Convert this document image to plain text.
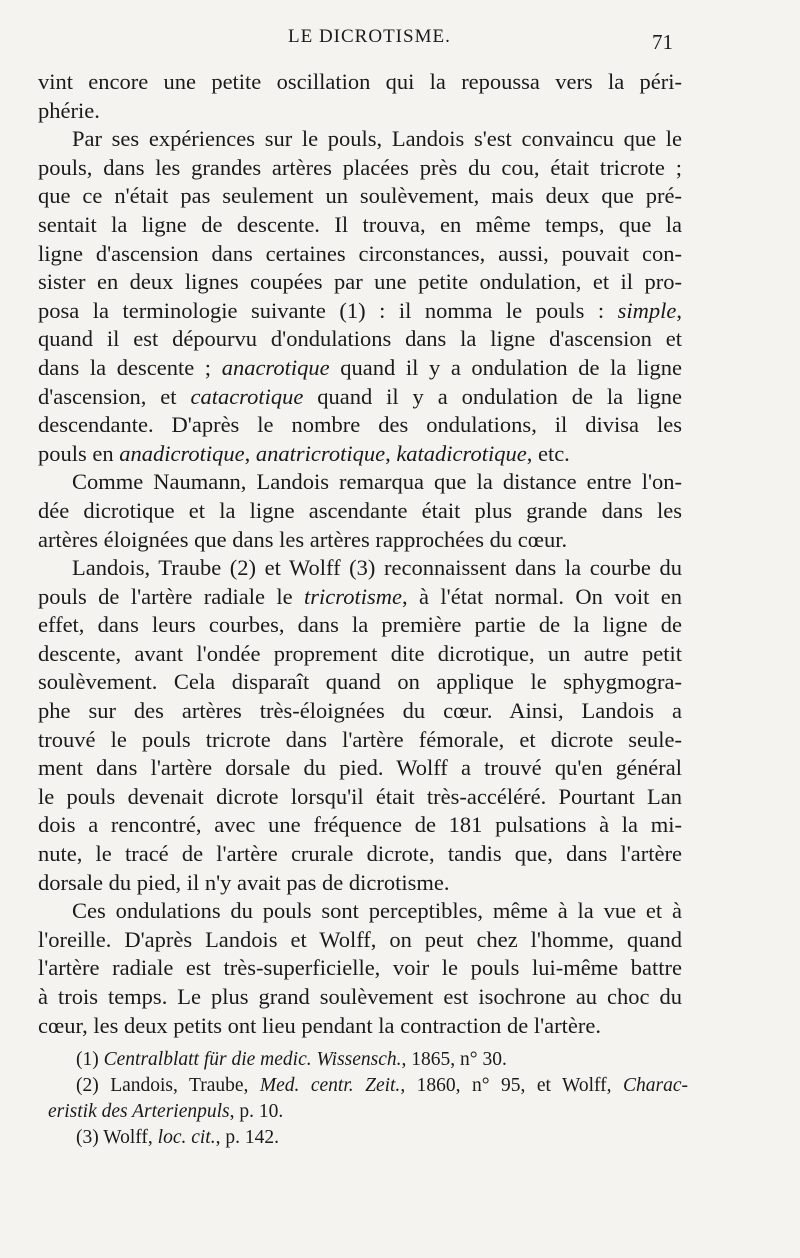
LE DICROTISME.	71
vint encore une petite oscillation qui la repoussa vers la péri-
phérie.
Par ses expériences sur le pouls, Landois s'est convaincu que le
pouls, dans les grandes artères placées près du cou, était tricrote ;
que ce n'était pas seulement un soulèvement, mais deux que pré-
sentait la ligne de descente. Il trouva, en même temps, que la
ligne d'ascension dans certaines circonstances, aussi, pouvait con-
sister en deux lignes coupées par une petite ondulation, et il pro-
posa la terminologie suivante (1) : il nomma le pouls : simple,
quand il est dépourvu d'ondulations dans la ligne d'ascension et
dans la descente ; anacrotique quand il y a ondulation de la ligne
d'ascension, et catacrotique quand il y a ondulation de la ligne
descendante. D'après le nombre des ondulations, il divisa les
pouls en anadicrotique, anatricrotique, katadicrotique, etc.
Comme Naumann, Landois remarqua que la distance entre l'on-
dée dicrotique et la ligne ascendante était plus grande dans les
artères éloignées que dans les artères rapprochées du cœur.
Landois, Traube (2) et Wolff (3) reconnaissent dans la courbe du
pouls de l'artère radiale le tricrotisme, à l'état normal. On voit en
effet, dans leurs courbes, dans la première partie de la ligne de
descente, avant l'ondée proprement dite dicrotique, un autre petit
soulèvement. Cela disparaît quand on applique le sphygmogra-
phe sur des artères très-éloignées du cœur. Ainsi, Landois a
trouvé le pouls tricrote dans l'artère fémorale, et dicrote seule-
ment dans l'artère dorsale du pied. Wolff a trouvé qu'en général
le pouls devenait dicrote lorsqu'il était très-accéléré. Pourtant Lan
dois a rencontré, avec une fréquence de 181 pulsations à la mi-
nute, le tracé de l'artère crurale dicrote, tandis que, dans l'artère
dorsale du pied, il n'y avait pas de dicrotisme.
Ces ondulations du pouls sont perceptibles, même à la vue et à
l'oreille. D'après Landois et Wolff, on peut chez l'homme, quand
l'artère radiale est très-superficielle, voir le pouls lui-même battre
à trois temps. Le plus grand soulèvement est isochrone au choc du
cœur, les deux petits ont lieu pendant la contraction de l'artère.
(1) Centralblatt für die medic. Wissensch., 1865, n° 30.
(2) Landois, Traube, Med. centr. Zeit., 1860, n° 95, et Wolff, Charac-
eristik des Arterienpuls, p. 10.
(3) Wolff, loc. cit., p. 142.
